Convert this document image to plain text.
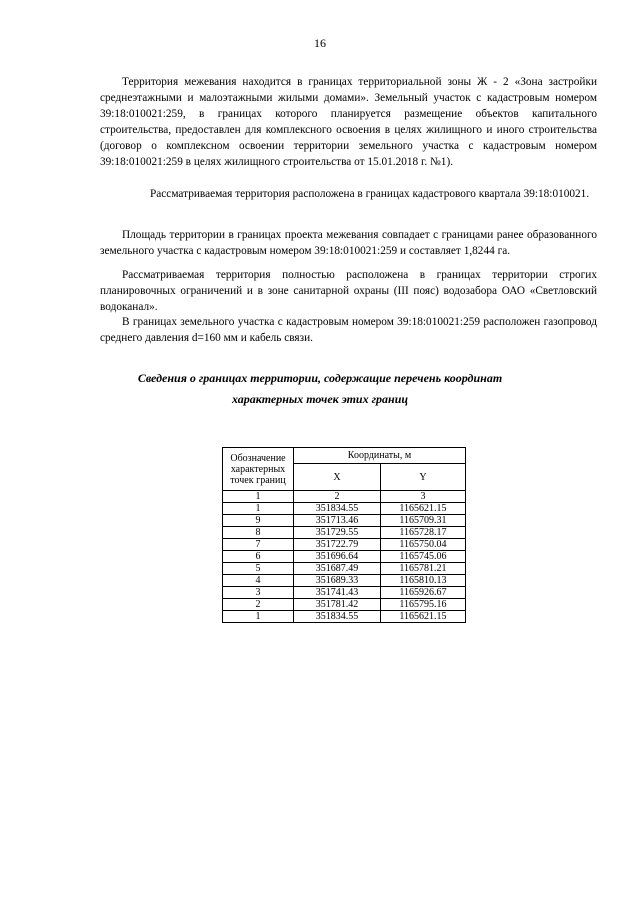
16

Территория межевания находится в границах территориальной зоны Ж - 2 «Зона застройки среднеэтажными и малоэтажными жилыми домами». Земельный участок с кадастровым номером 39:18:010021:259, в границах которого планируется размещение объектов капитального строительства, предоставлен для комплексного освоения в целях жилищного и иного строительства (договор о комплексном освоении территории земельного участка с кадастровым номером 39:18:010021:259 в целях жилищного строительства от 15.01.2018 г. №1).

Рассматриваемая территория расположена в границах кадастрового квартала 39:18:010021.

Площадь территории в границах проекта межевания совпадает с границами ранее образованного земельного участка с кадастровым номером 39:18:010021:259 и составляет 1,8244 га.

Рассматриваемая территория полностью расположена в границах территории строгих планировочных ограничений и в зоне санитарной охраны (III пояс) водозабора ОАО «Светловский водоканал».

В границах земельного участка с кадастровым номером 39:18:010021:259 расположен газопровод среднего давления d=160 мм и кабель связи.

Сведения о границах территории, содержащие перечень координат
характерных точек этих границ
Обозначение характерных точек границ	Координаты, м	
	X	Y
1	2	3
1	351834.55	1165621.15
9	351713.46	1165709.31
8	351729.55	1165728.17
7	351722.79	1165750.04
6	351696.64	1165745.06
5	351687.49	1165781.21
4	351689.33	1165810.13
3	351741.43	1165926.67
2	351781.42	1165795.16
1	351834.55	1165621.15
